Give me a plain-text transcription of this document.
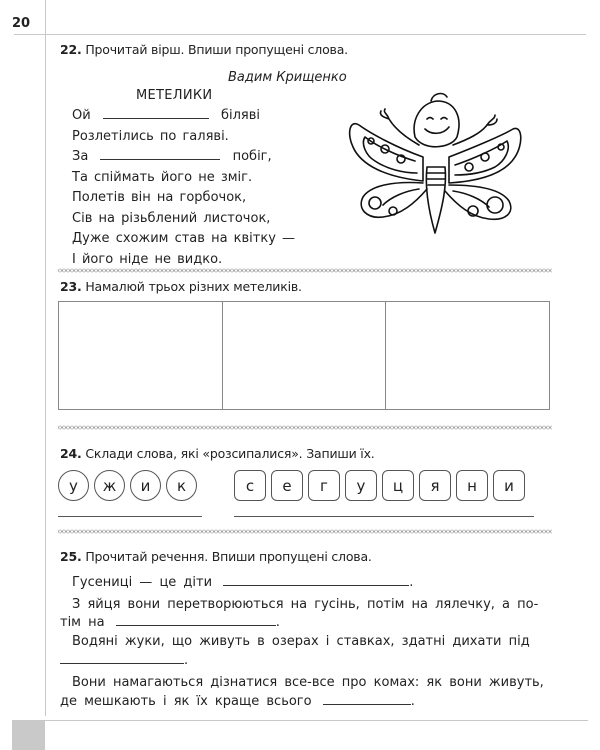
20
22. Прочитай вірш. Впиши пропущені слова.
Вадим Крищенко
МЕТЕЛИКИ
Ой	біляві
Розлетілись по галяві.
За	побіг,
Та спіймать його не зміг.
Полетів він на горбочок,
Сів на різьблений листочок,
Дуже схожим став на квітку —
І його ніде не видко.
23. Намалюй трьох різних метеликів.
24. Склади слова, які «розсипалися». Запиши їх.
у	ж	и	к	с	е	г	у	ц	я	н	и
25. Прочитай речення. Впиши пропущені слова.
Гусениці — це діти	.
З яйця вони перетворюються на гусінь, потім на лялечку, а по-
тім на	.
Водяні жуки, що живуть в озерах і ставках, здатні дихати під
.
Вони намагаються дізнатися все-все про комах: як вони живуть,
де мешкають і як їх краще всього	.
